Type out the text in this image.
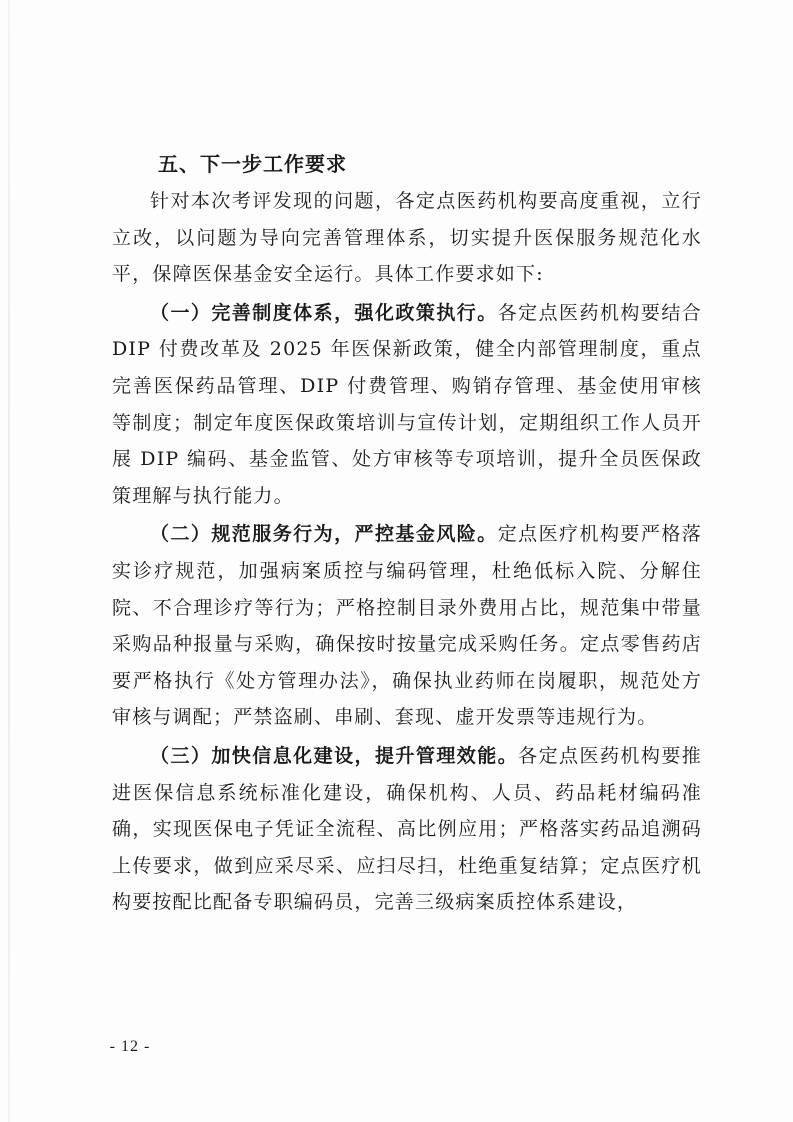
五、下一步工作要求

针对本次考评发现的问题，各定点医药机构要高度重视，立行立改，以问题为导向完善管理体系，切实提升医保服务规范化水平，保障医保基金安全运行。具体工作要求如下:

（一）完善制度体系，强化政策执行。各定点医药机构要结合 DIP 付费改革及 2025 年医保新政策，健全内部管理制度，重点完善医保药品管理、DIP 付费管理、购销存管理、基金使用审核等制度；制定年度医保政策培训与宣传计划，定期组织工作人员开展 DIP 编码、基金监管、处方审核等专项培训，提升全员医保政策理解与执行能力。

（二）规范服务行为，严控基金风险。定点医疗机构要严格落实诊疗规范，加强病案质控与编码管理，杜绝低标入院、分解住院、不合理诊疗等行为；严格控制目录外费用占比，规范集中带量采购品种报量与采购，确保按时按量完成采购任务。定点零售药店要严格执行《处方管理办法》，确保执业药师在岗履职，规范处方审核与调配；严禁盗刷、串刷、套现、虚开发票等违规行为。

（三）加快信息化建设，提升管理效能。各定点医药机构要推进医保信息系统标准化建设，确保机构、人员、药品耗材编码准确，实现医保电子凭证全流程、高比例应用；严格落实药品追溯码上传要求，做到应采尽采、应扫尽扫，杜绝重复结算；定点医疗机构要按配比配备专职编码员，完善三级病案质控体系建设，

- 12 -
